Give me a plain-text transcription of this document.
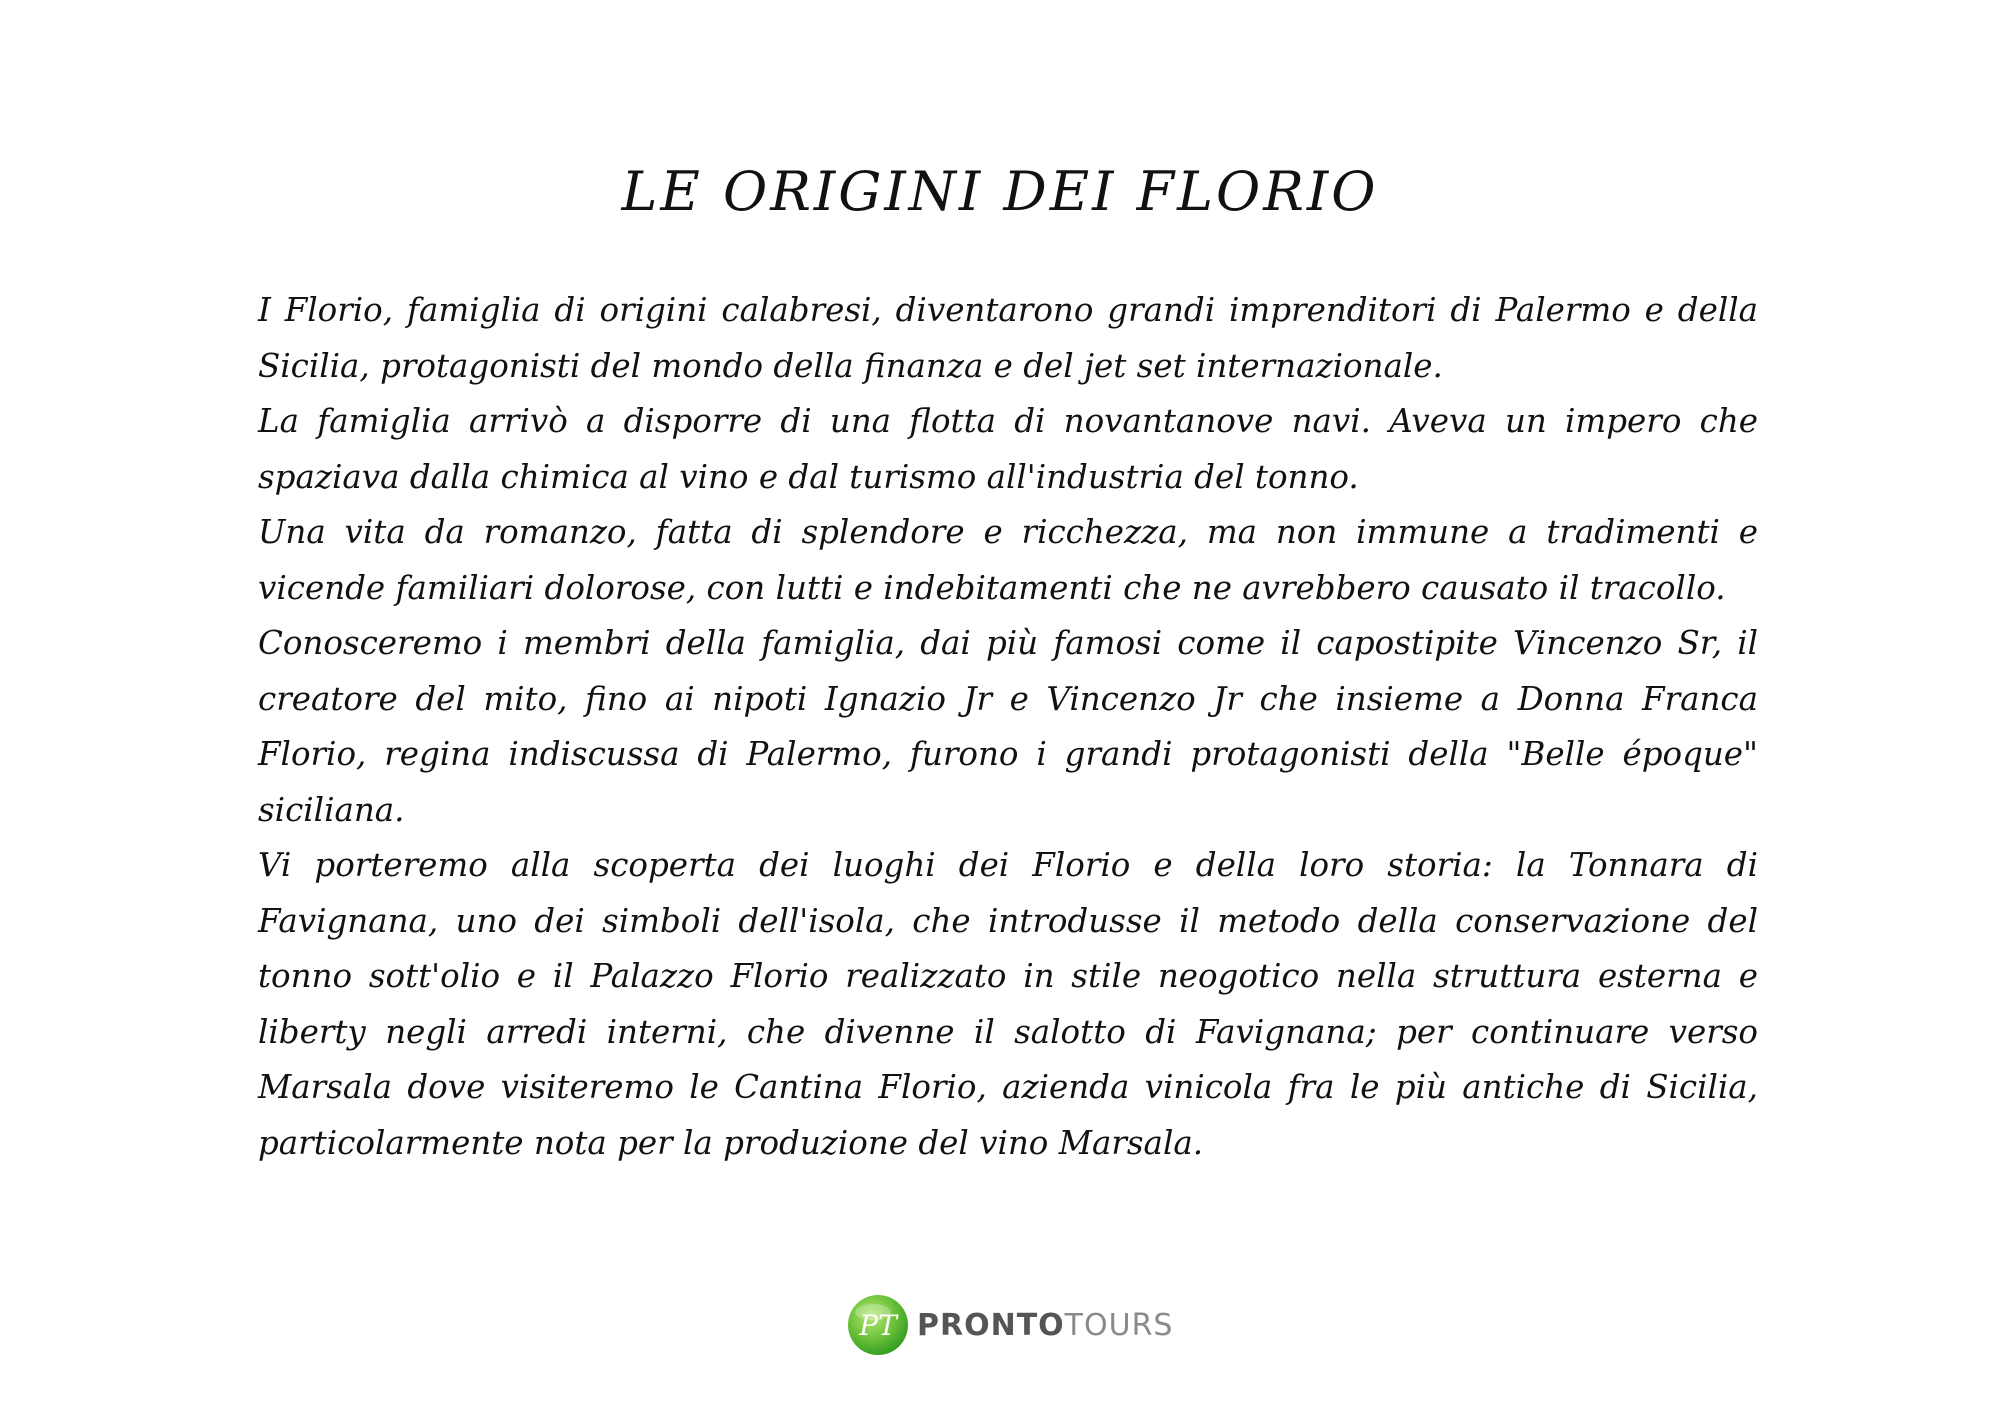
LE ORIGINI DEI FLORIO

I Florio, famiglia di origini calabresi, diventarono grandi imprenditori di Palermo e della Sicilia, protagonisti del mondo della finanza e del jet set internazionale.

La famiglia arrivò a disporre di una flotta di novantanove navi. Aveva un impero che spaziava dalla chimica al vino e dal turismo all'industria del tonno.

Una vita da romanzo, fatta di splendore e ricchezza, ma non immune a tradimenti e vicende familiari dolorose, con lutti e indebitamenti che ne avrebbero causato il tracollo.

Conosceremo i membri della famiglia, dai più famosi come il capostipite Vincenzo Sr, il creatore del mito, fino ai nipoti Ignazio Jr e Vincenzo Jr che insieme a Donna Franca Florio, regina indiscussa di Palermo, furono i grandi protagonisti della "Belle époque" siciliana.

Vi porteremo alla scoperta dei luoghi dei Florio e della loro storia: la Tonnara di Favignana, uno dei simboli dell'isola, che introdusse il metodo della conservazione del tonno sott'olio e il Palazzo Florio realizzato in stile neogotico nella struttura esterna e liberty negli arredi interni, che divenne il salotto di Favignana; per continuare verso Marsala dove visiteremo le Cantina Florio, azienda vinicola fra le più antiche di Sicilia, particolarmente nota per la produzione del vino Marsala.

PT PRONTO TOURS
